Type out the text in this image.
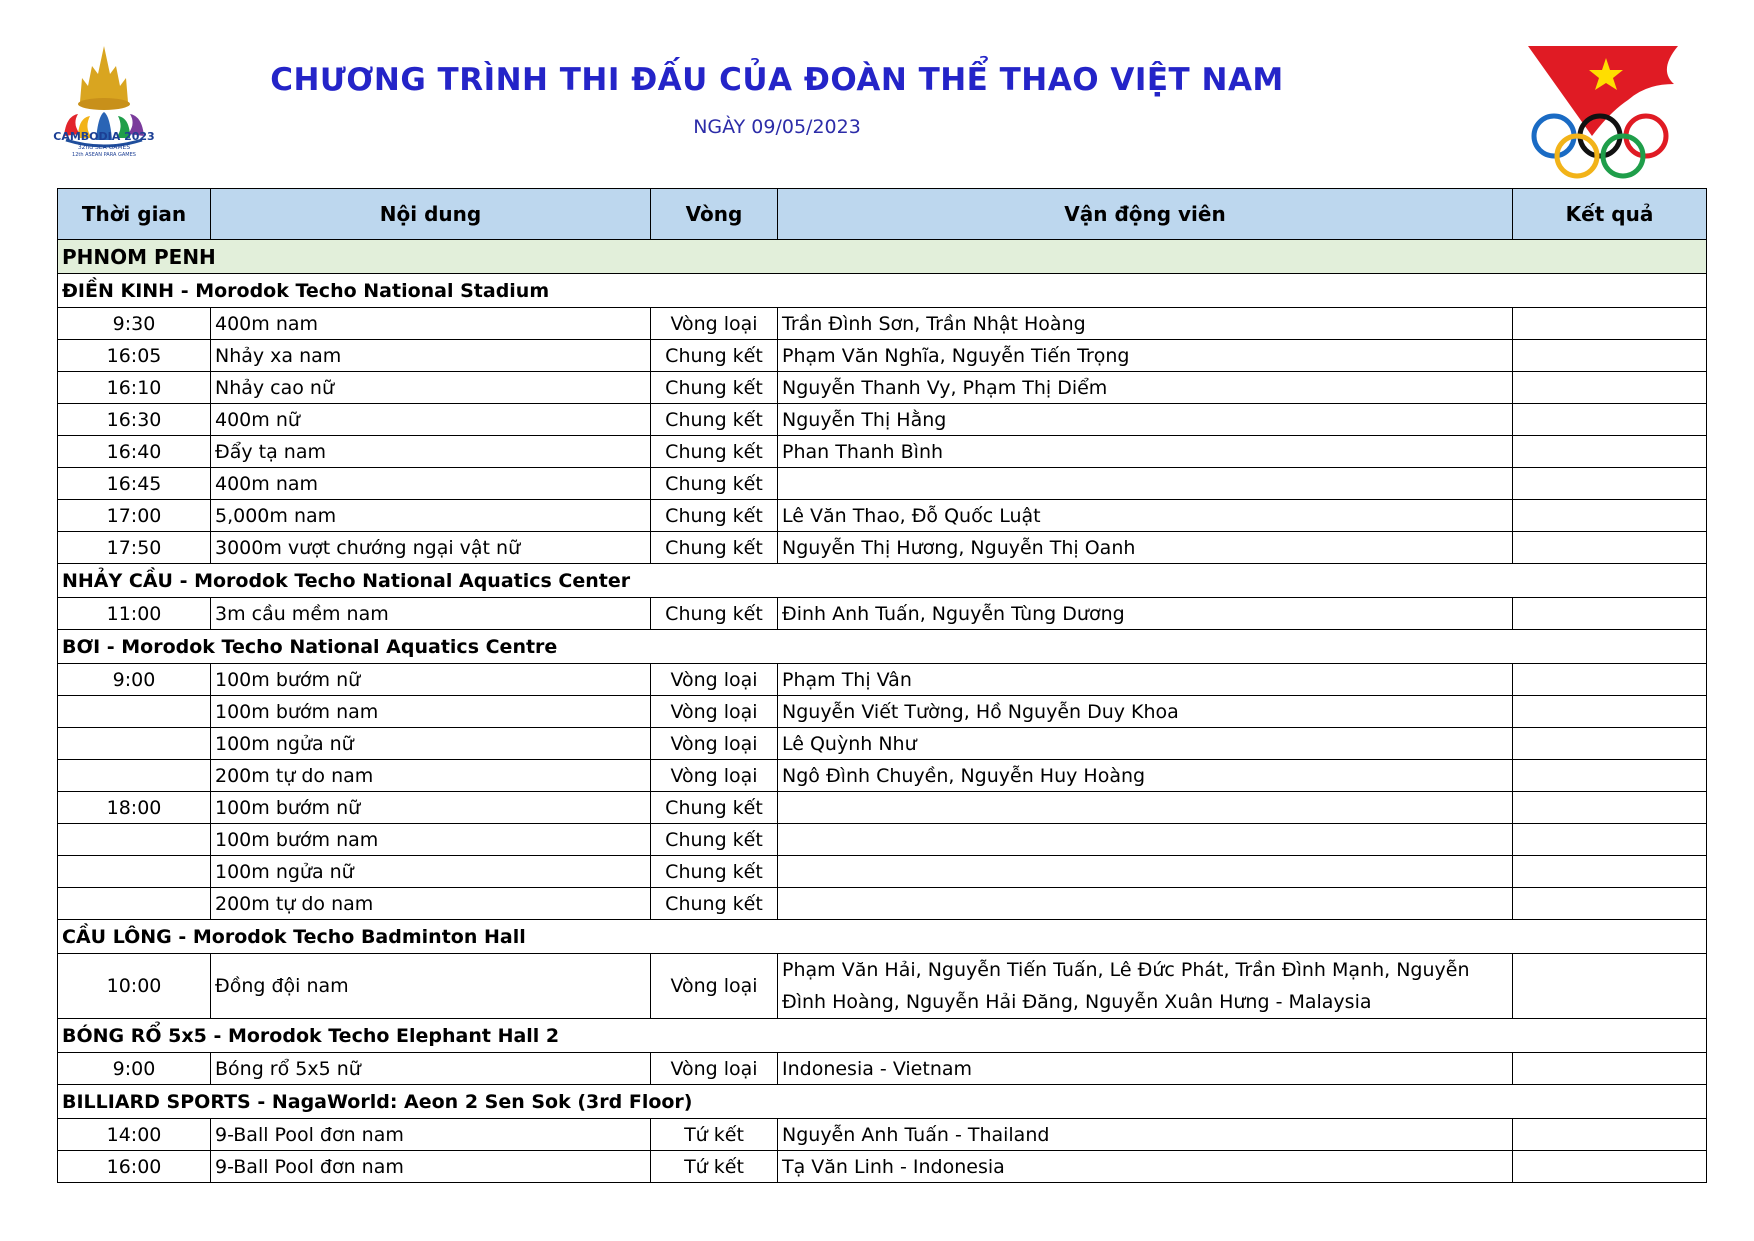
CAMBODIA 2023
32nd SEA GAMES
12th ASEAN PARA GAMES
CHƯƠNG TRÌNH THI ĐẤU CỦA ĐOÀN THỂ THAO VIỆT NAM
NGÀY 09/05/2023
Thời gian	Nội dung	Vòng	Vận động viên	Kết quả
PHNOM PENH				
ĐIỀN KINH - Morodok Techo National Stadium				
9:30	400m nam	Vòng loại	Trần Đình Sơn, Trần Nhật Hoàng	
16:05	Nhảy xa nam	Chung kết	Phạm Văn Nghĩa, Nguyễn Tiến Trọng	
16:10	Nhảy cao nữ	Chung kết	Nguyễn Thanh Vy, Phạm Thị Diểm	
16:30	400m nữ	Chung kết	Nguyễn Thị Hằng	
16:40	Đẩy tạ nam	Chung kết	Phan Thanh Bình	
16:45	400m nam	Chung kết		
17:00	5,000m nam	Chung kết	Lê Văn Thao, Đỗ Quốc Luật	
17:50	3000m vượt chướng ngại vật nữ	Chung kết	Nguyễn Thị Hương, Nguyễn Thị Oanh	
NHẢY CẦU - Morodok Techo National Aquatics Center				
11:00	3m cầu mềm nam	Chung kết	Đinh Anh Tuấn, Nguyễn Tùng Dương	
BƠI - Morodok Techo National Aquatics Centre				
9:00	100m bướm nữ	Vòng loại	Phạm Thị Vân	
	100m bướm nam	Vòng loại	Nguyễn Viết Tường, Hồ Nguyễn Duy Khoa	
	100m ngửa nữ	Vòng loại	Lê Quỳnh Như	
	200m tự do nam	Vòng loại	Ngô Đình Chuyền, Nguyễn Huy Hoàng	
18:00	100m bướm nữ	Chung kết		
	100m bướm nam	Chung kết		
	100m ngửa nữ	Chung kết		
	200m tự do nam	Chung kết		
CẦU LÔNG - Morodok Techo Badminton Hall				
10:00	Đồng đội nam	Vòng loại	Phạm Văn Hải, Nguyễn Tiến Tuấn, Lê Đức Phát, Trần Đình Mạnh, Nguyễn Đình Hoàng, Nguyễn Hải Đăng, Nguyễn Xuân Hưng - Malaysia	
BÓNG RỔ 5x5 - Morodok Techo Elephant Hall 2				
9:00	Bóng rổ 5x5 nữ	Vòng loại	Indonesia - Vietnam	
BILLIARD SPORTS - NagaWorld: Aeon 2 Sen Sok (3rd Floor)				
14:00	9-Ball Pool đơn nam	Tứ kết	Nguyễn Anh Tuấn - Thailand	
16:00	9-Ball Pool đơn nam	Tứ kết	Tạ Văn Linh - Indonesia	
